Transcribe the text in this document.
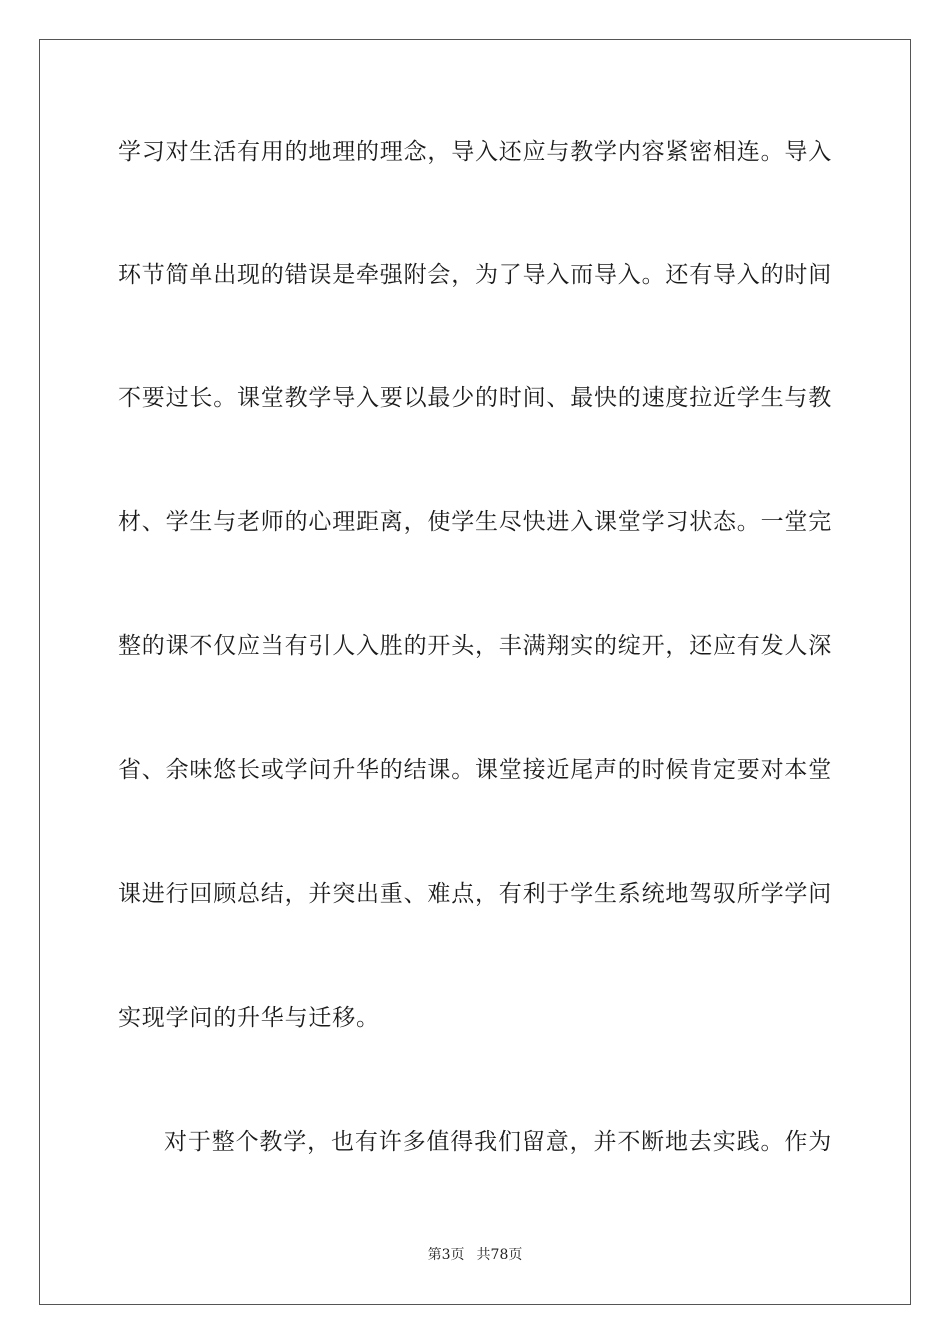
学习对生活有用的地理的理念，导入还应与教学内容紧密相连。导入
环节简单出现的错误是牵强附会，为了导入而导入。还有导入的时间
不要过长。课堂教学导入要以最少的时间、最快的速度拉近学生与教
材、学生与老师的心理距离，使学生尽快进入课堂学习状态。一堂完
整的课不仅应当有引人入胜的开头，丰满翔实的绽开，还应有发人深
省、余味悠长或学问升华的结课。课堂接近尾声的时候肯定要对本堂
课进行回顾总结，并突出重、难点，有利于学生系统地驾驭所学学问
实现学问的升华与迁移。
对于整个教学，也有许多值得我们留意，并不断地去实践。作为
第3页 共78页
